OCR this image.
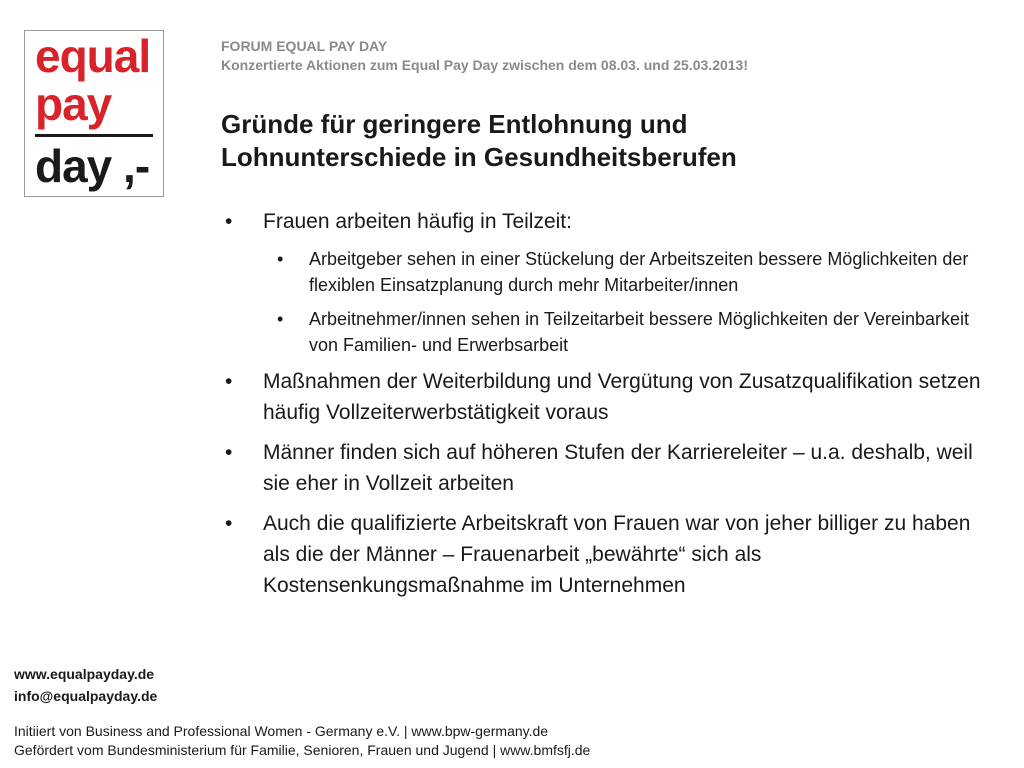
equal
pay
day ,-
FORUM EQUAL PAY DAY
Konzertierte Aktionen zum Equal Pay Day zwischen dem 08.03. und 25.03.2013!
Gründe für geringere Entlohnung und
Lohnunterschiede in Gesundheitsberufen
• Frauen arbeiten häufig in Teilzeit:
• Arbeitgeber sehen in einer Stückelung der Arbeitszeiten bessere Möglichkeiten der flexiblen Einsatzplanung durch mehr Mitarbeiter/innen
• Arbeitnehmer/innen sehen in Teilzeitarbeit bessere Möglichkeiten der Vereinbarkeit von Familien- und Erwerbsarbeit
• Maßnahmen der Weiterbildung und Vergütung von Zusatzqualifikation setzen häufig Vollzeiterwerbstätigkeit voraus
• Männer finden sich auf höheren Stufen der Karriereleiter – u.a. deshalb, weil sie eher in Vollzeit arbeiten
• Auch die qualifizierte Arbeitskraft von Frauen war von jeher billiger zu haben als die der Männer – Frauenarbeit „bewährte“ sich als Kostensenkungsmaßnahme im Unternehmen
www.equalpayday.de
info@equalpayday.de
Initiiert von Business and Professional Women - Germany e.V. | www.bpw-germany.de
Gefördert vom Bundesministerium für Familie, Senioren, Frauen und Jugend | www.bmfsfj.de
